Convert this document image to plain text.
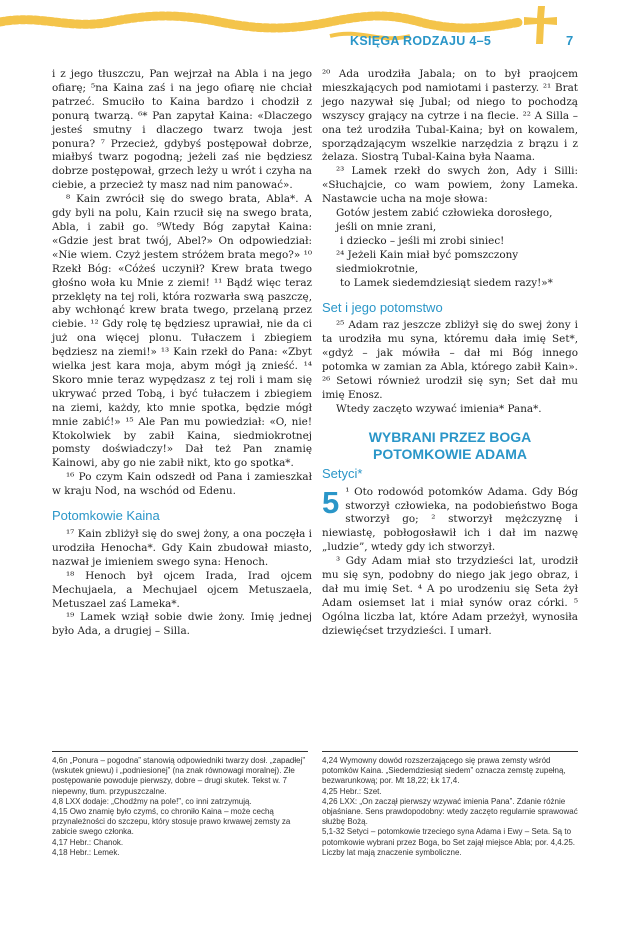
KSIĘGA RODZAJU 4–5	7

i z jego tłuszczu, Pan wejrzał na Abla i na jego ofiarę; ⁵na Kaina zaś i na jego ofiarę nie chciał patrzeć. Smuciło to Kaina bardzo i chodził z ponurą twarzą. ⁶* Pan zapytał Kaina: «Dlaczego jesteś smutny i dlaczego twarz twoja jest ponura? ⁷ Przecież, gdybyś postępował dobrze, miałbyś twarz pogodną; jeżeli zaś nie będziesz dobrze postępował, grzech leży u wrót i czyha na ciebie, a przecież ty masz nad nim panować».

⁸ Kain zwrócił się do swego brata, Abla*. A gdy byli na polu, Kain rzucił się na swego brata, Abla, i zabił go. ⁹Wtedy Bóg zapytał Kaina: «Gdzie jest brat twój, Abel?» On odpowiedział: «Nie wiem. Czyż jestem stróżem brata mego?» ¹⁰ Rzekł Bóg: «Cóżeś uczynił? Krew brata twego głośno woła ku Mnie z ziemi! ¹¹ Bądź więc teraz przeklęty na tej roli, która rozwarła swą paszczę, aby wchłonąć krew brata twego, przelaną przez ciebie. ¹² Gdy rolę tę będziesz uprawiał, nie da ci już ona więcej plonu. Tułaczem i zbiegiem będziesz na ziemi!» ¹³ Kain rzekł do Pana: «Zbyt wielka jest kara moja, abym mógł ją znieść. ¹⁴ Skoro mnie teraz wypędzasz z tej roli i mam się ukrywać przed Tobą, i być tułaczem i zbiegiem na ziemi, każdy, kto mnie spotka, będzie mógł mnie zabić!» ¹⁵ Ale Pan mu powiedział: «O, nie! Ktokolwiek by zabił Kaina, siedmiokrotnej pomsty doświadczy!» Dał też Pan znamię Kainowi, aby go nie zabił nikt, kto go spotka*.

¹⁶ Po czym Kain odszedł od Pana i zamieszkał w kraju Nod, na wschód od Edenu.

Potomkowie Kaina

¹⁷ Kain zbliżył się do swej żony, a ona poczęła i urodziła Henocha*. Gdy Kain zbudował miasto, nazwał je imieniem swego syna: Henoch.

¹⁸ Henoch był ojcem Irada, Irad ojcem Mechujaela, a Mechujael ojcem Metuszaela, Metuszael zaś Lameka*.

¹⁹ Lamek wziął sobie dwie żony. Imię jednej było Ada, a drugiej – Silla.

²⁰ Ada urodziła Jabala; on to był praojcem mieszkających pod namiotami i pasterzy. ²¹ Brat jego nazywał się Jubal; od niego to pochodzą wszyscy grający na cytrze i na flecie. ²² A Silla – ona też urodziła Tubal-Kaina; był on kowalem, sporządzającym wszelkie narzędzia z brązu i z żelaza. Siostrą Tubal-Kaina była Naama.

²³ Lamek rzekł do swych żon, Ady i Silli: «Słuchajcie, co wam powiem, żony Lameka. Nastawcie ucha na moje słowa:

Gotów jestem zabić człowieka dorosłego,
jeśli on mnie zrani,
i dziecko – jeśli mi zrobi siniec!
²⁴ Jeżeli Kain miał być pomszczony siedmiokrotnie,
to Lamek siedemdziesiąt siedem razy!»*
Set i jego potomstwo

²⁵ Adam raz jeszcze zbliżył się do swej żony i ta urodziła mu syna, któremu dała imię Set*, «gdyż – jak mówiła – dał mi Bóg innego potomka w zamian za Abla, którego zabił Kain». ²⁶ Setowi również urodził się syn; Set dał mu imię Enosz.

Wtedy zaczęto wzywać imienia* Pana*.

WYBRANI PRZEZ BOGA
POTOMKOWIE ADAMA
Setyci*

5 ¹ Oto rodowód potomków Adama. Gdy Bóg stworzył człowieka, na podobieństwo Boga stworzył go; ² stworzył mężczyznę i niewiastę, pobłogosławił ich i dał im nazwę „ludzie”, wtedy gdy ich stworzył.

³ Gdy Adam miał sto trzydzieści lat, urodził mu się syn, podobny do niego jak jego obraz, i dał mu imię Set. ⁴ A po urodzeniu się Seta żył Adam osiemset lat i miał synów oraz córki. ⁵ Ogólna liczba lat, które Adam przeżył, wynosiła dziewięćset trzydzieści. I umarł.

4,6n „Ponura – pogodna” stanowią odpowiedniki twarzy dosł. „zapadłej” (wskutek gniewu) i „podniesionej” (na znak równowagi moralnej). Złe postępowanie powoduje pierwszy, dobre – drugi skutek. Tekst w. 7 niepewny, tłum. przypuszczalne.

4,8 LXX dodaje: „Chodźmy na pole!”, co inni zatrzymują.

4,15 Owo znamię było czymś, co chroniło Kaina – może cechą przynależności do szczepu, który stosuje prawo krwawej zemsty za zabicie swego członka.

4,17 Hebr.: Chanok.

4,18 Hebr.: Lemek.

4,24 Wymowny dowód rozszerzającego się prawa zemsty wśród potomków Kaina. „Siedemdziesiąt siedem” oznacza zemstę zupełną, bezwarunkową; por. Mt 18,22; Łk 17,4.

4,25 Hebr.: Szet.

4,26 LXX: „On zaczął pierwszy wzywać imienia Pana”. Zdanie różnie objaśniane. Sens prawdopodobny: wtedy zaczęto regularnie sprawować służbę Bożą.

5,1-32 Setyci – potomkowie trzeciego syna Adama i Ewy – Seta. Są to potomkowie wybrani przez Boga, bo Set zajął miejsce Abla; por. 4,4.25. Liczby lat mają znaczenie symboliczne.
